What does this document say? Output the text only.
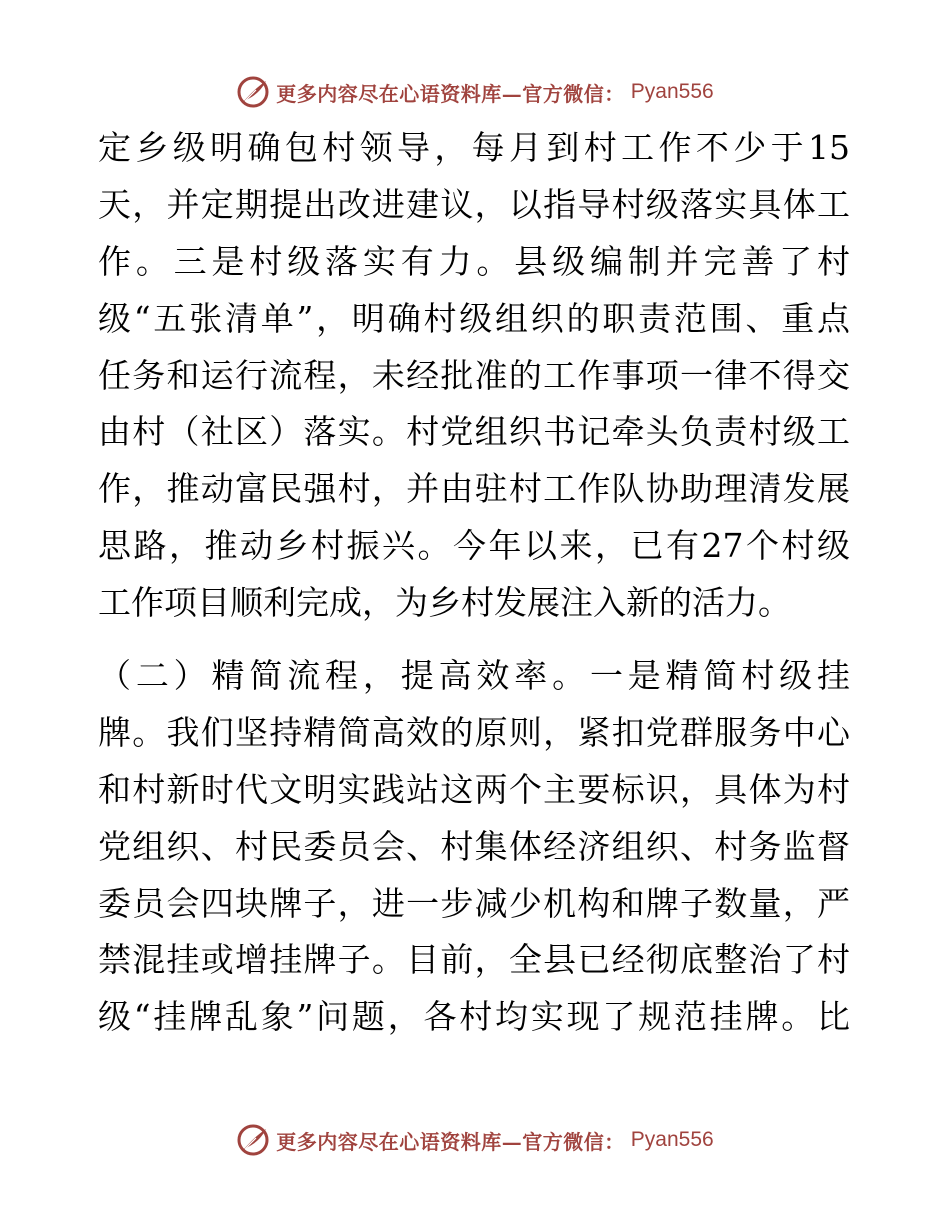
更多内容尽在心语资料库—官方微信： Pyan556
定乡级明确包村领导，每月到村工作不少于15
天，并定期提出改进建议，以指导村级落实具体工
作。三是村级落实有力。县级编制并完善了村
级“五张清单”，明确村级组织的职责范围、重点
任务和运行流程，未经批准的工作事项一律不得交
由村（社区）落实。村党组织书记牵头负责村级工
作，推动富民强村，并由驻村工作队协助理清发展
思路，推动乡村振兴。今年以来，已有27个村级
工作项目顺利完成，为乡村发展注入新的活力。
（二）精简流程，提高效率。一是精简村级挂
牌。我们坚持精简高效的原则，紧扣党群服务中心
和村新时代文明实践站这两个主要标识，具体为村
党组织、村民委员会、村集体经济组织、村务监督
委员会四块牌子，进一步减少机构和牌子数量，严
禁混挂或增挂牌子。目前，全县已经彻底整治了村
级“挂牌乱象”问题，各村均实现了规范挂牌。比
更多内容尽在心语资料库—官方微信： Pyan556
